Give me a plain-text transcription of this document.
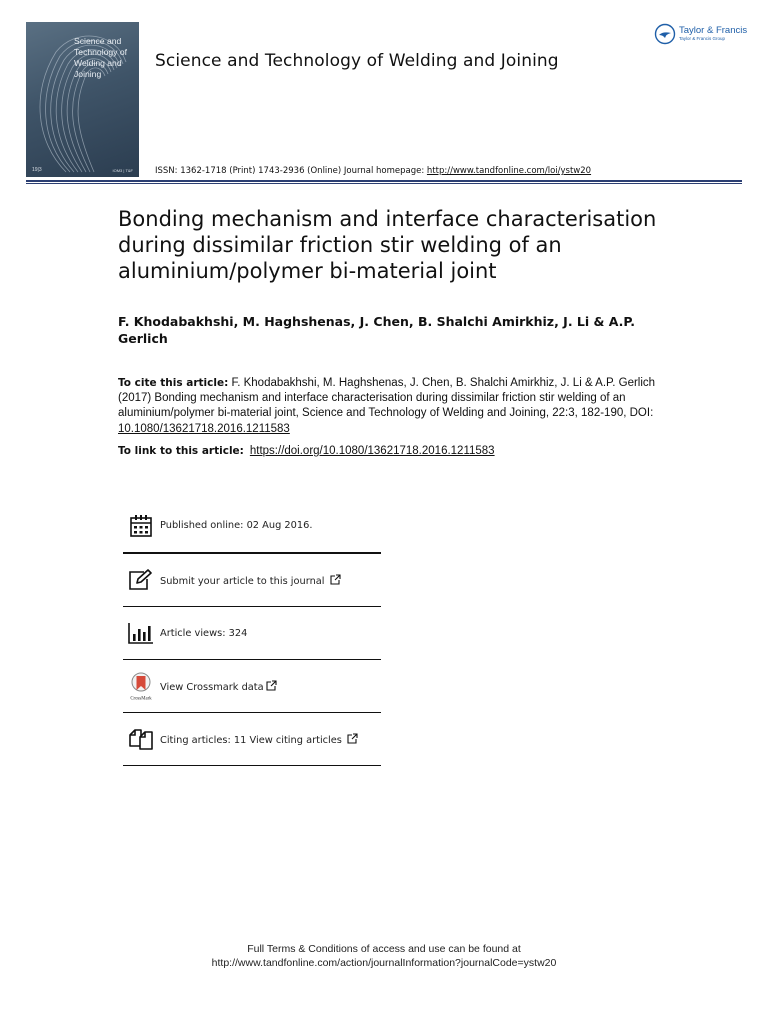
Science and
Technology of
Welding and
Joining
19|3	IOM3 | T&F
Science and Technology of Welding and Joining
ISSN: 1362-1718 (Print) 1743-2936 (Online) Journal homepage: http://www.tandfonline.com/loi/ystw20
Taylor & Francis
Taylor & Francis Group
Bonding mechanism and interface characterisation during dissimilar friction stir welding of an aluminium/polymer bi-material joint
F. Khodabakhshi, M. Haghshenas, J. Chen, B. Shalchi Amirkhiz, J. Li & A.P. Gerlich
To cite this article: F. Khodabakhshi, M. Haghshenas, J. Chen, B. Shalchi Amirkhiz, J. Li & A.P. Gerlich (2017) Bonding mechanism and interface characterisation during dissimilar friction stir welding of an aluminium/polymer bi-material joint, Science and Technology of Welding and Joining, 22:3, 182-190, DOI: 10.1080/13621718.2016.1211583
To link to this article: https://doi.org/10.1080/13621718.2016.1211583
Published online: 02 Aug 2016.
Submit your article to this journal
Article views: 324
CrossMark
View Crossmark data
Citing articles: 11 View citing articles
Full Terms & Conditions of access and use can be found at
http://www.tandfonline.com/action/journalInformation?journalCode=ystw20
